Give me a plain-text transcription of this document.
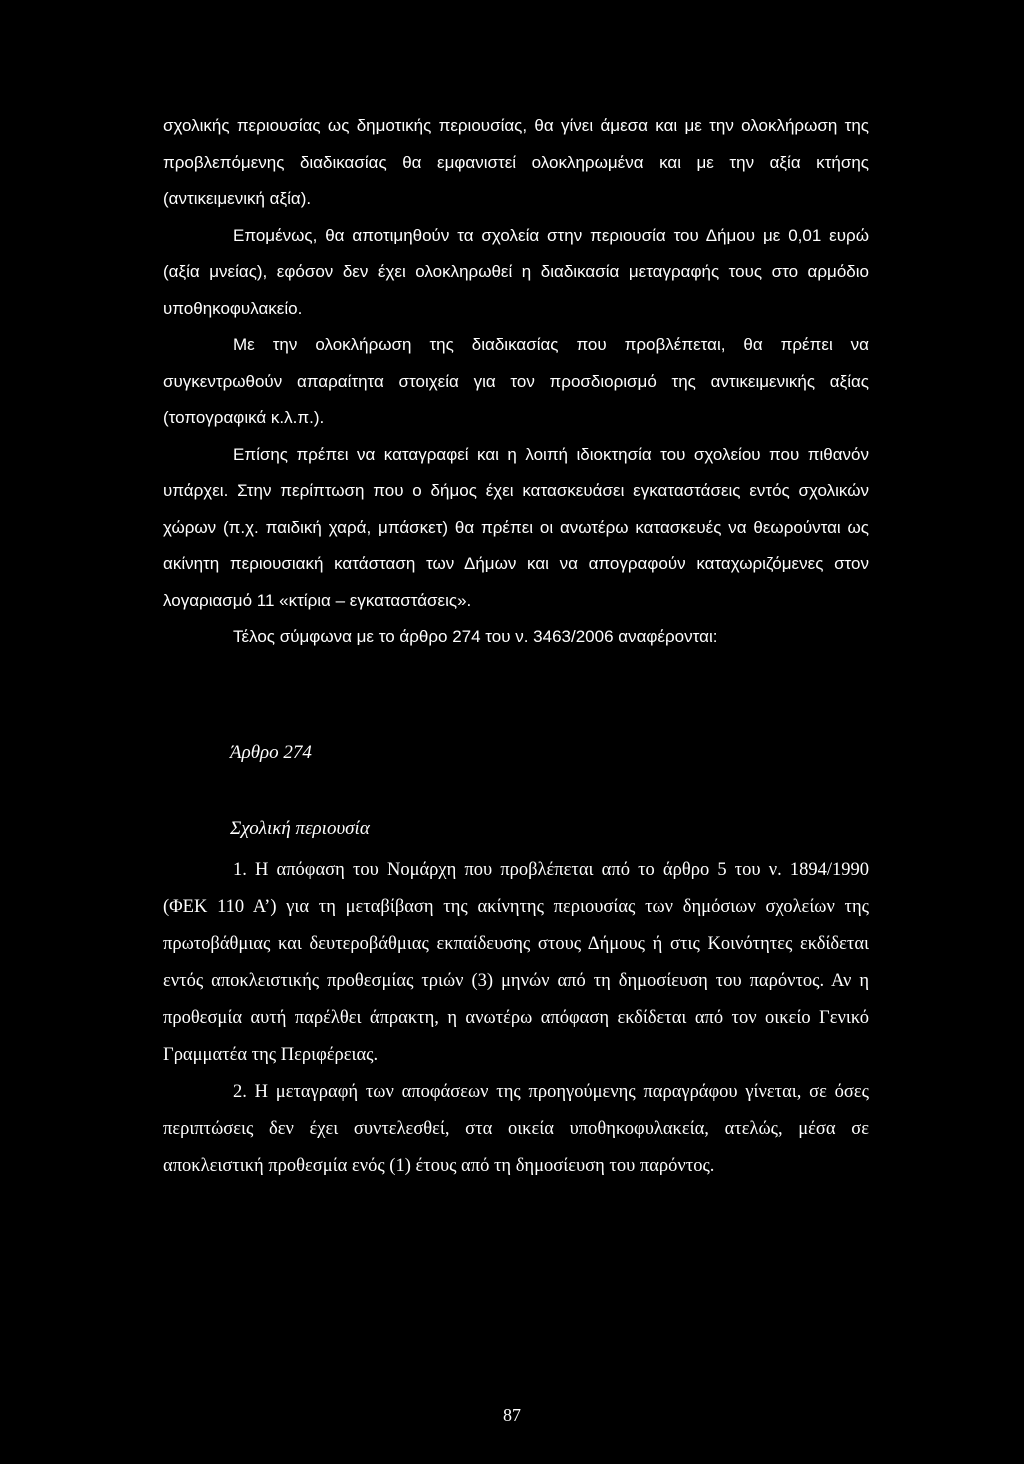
σχολικής περιουσίας ως δημοτικής περιουσίας, θα γίνει άμεσα και με την ολοκλήρωση της προβλεπόμενης διαδικασίας θα εμφανιστεί ολοκληρωμένα και με την αξία κτήσης (αντικειμενική αξία).

Επομένως, θα αποτιμηθούν τα σχολεία στην περιουσία του Δήμου με 0,01 ευρώ (αξία μνείας), εφόσον δεν έχει ολοκληρωθεί η διαδικασία μεταγραφής τους στο αρμόδιο υποθηκοφυλακείο.

Με την ολοκλήρωση της διαδικασίας που προβλέπεται, θα πρέπει να συγκεντρωθούν απαραίτητα στοιχεία για τον προσδιορισμό της αντικειμενικής αξίας (τοπογραφικά κ.λ.π.).

Επίσης πρέπει να καταγραφεί και η λοιπή ιδιοκτησία του σχολείου που πιθανόν υπάρχει. Στην περίπτωση που ο δήμος έχει κατασκευάσει εγκαταστάσεις εντός σχολικών χώρων (π.χ. παιδική χαρά, μπάσκετ) θα πρέπει οι ανωτέρω κατασκευές να θεωρούνται ως ακίνητη περιουσιακή κατάσταση των Δήμων και να απογραφούν καταχωριζόμενες στον λογαριασμό 11 «κτίρια – εγκαταστάσεις».

Τέλος σύμφωνα με το άρθρο 274 του ν. 3463/2006 αναφέρονται:

Άρθρο 274
Σχολική περιουσία

1. Η απόφαση του Νομάρχη που προβλέπεται από το άρθρο 5 του ν. 1894/1990 (ΦΕΚ 110 Α’) για τη μεταβίβαση της ακίνητης περιουσίας των δημόσιων σχολείων της πρωτοβάθμιας και δευτεροβάθμιας εκπαίδευσης στους Δήμους ή στις Κοινότητες εκδίδεται εντός αποκλειστικής προθεσμίας τριών (3) μηνών από τη δημοσίευση του παρόντος. Αν η προθεσμία αυτή παρέλθει άπρακτη, η ανωτέρω απόφαση εκδίδεται από τον οικείο Γενικό Γραμματέα της Περιφέρειας.

2. Η μεταγραφή των αποφάσεων της προηγούμενης παραγράφου γίνεται, σε όσες περιπτώσεις δεν έχει συντελεσθεί, στα οικεία υποθηκοφυλακεία, ατελώς, μέσα σε αποκλειστική προθεσμία ενός (1) έτους από τη δημοσίευση του παρόντος.

87
